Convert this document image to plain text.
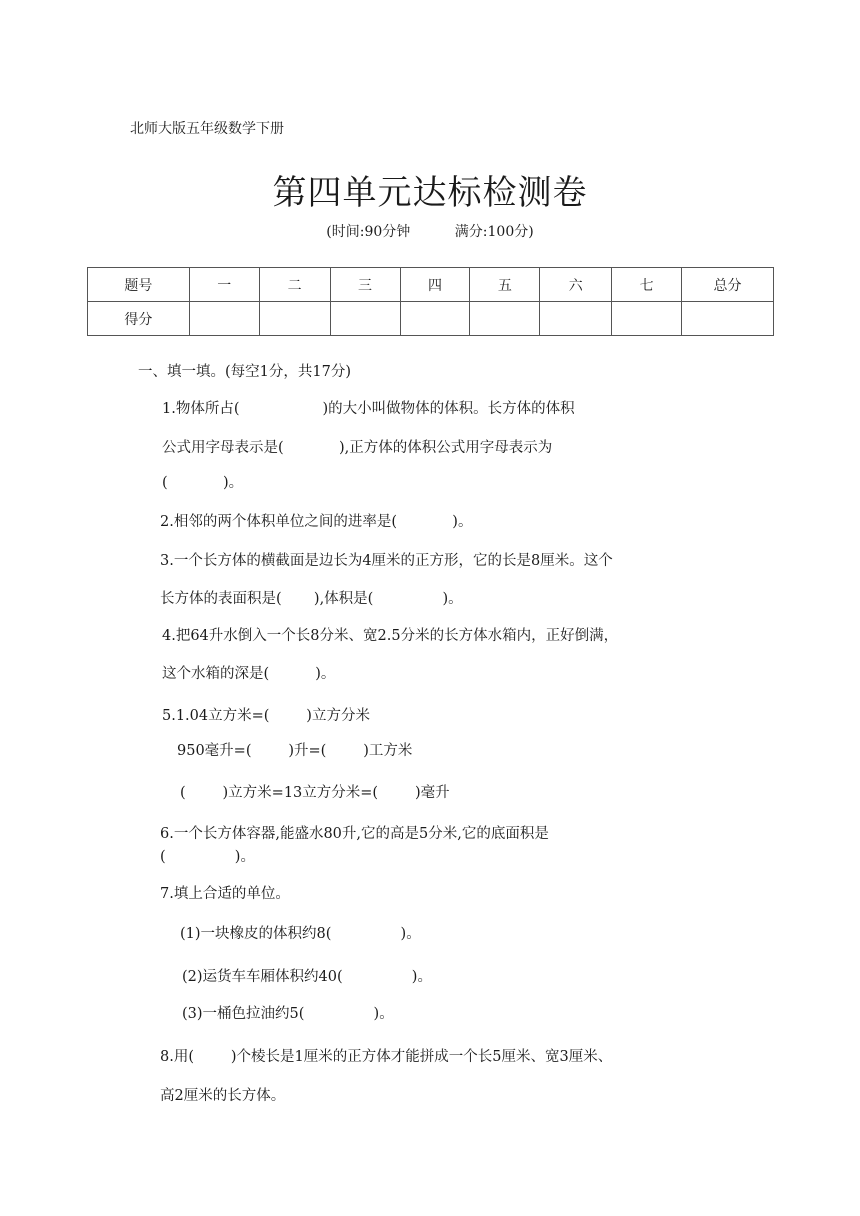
北师大版五年级数学下册
第四单元达标检测卷
(时间:90分钟          满分:100分)
题号	一	二	三	四	五	六	七	总分
得分								
一、填一填。(每空1分，共17分)
1.物体所占(                  )的大小叫做物体的体积。长方体的体积
公式用字母表示是(            ),正方体的体积公式用字母表示为
(            )。
2.相邻的两个体积单位之间的进率是(            )。
3.一个长方体的横截面是边长为4厘米的正方形，它的长是8厘米。这个
长方体的表面积是(       ),体积是(               )。
4.把64升水倒入一个长8分米、宽2.5分米的长方体水箱内，正好倒满，
这个水箱的深是(          )。
5.1.04立方米=(        )立方分米
950毫升=(        )升=(        )工方米
(        )立方米=13立方分米=(        )毫升
6.一个长方体容器,能盛水80升,它的高是5分米,它的底面积是
(               )。
7.填上合适的单位。
(1)一块橡皮的体积约8(               )。
(2)运货车车厢体积约40(               )。
(3)一桶色拉油约5(               )。
8.用(        )个棱长是1厘米的正方体才能拼成一个长5厘米、宽3厘米、
高2厘米的长方体。
